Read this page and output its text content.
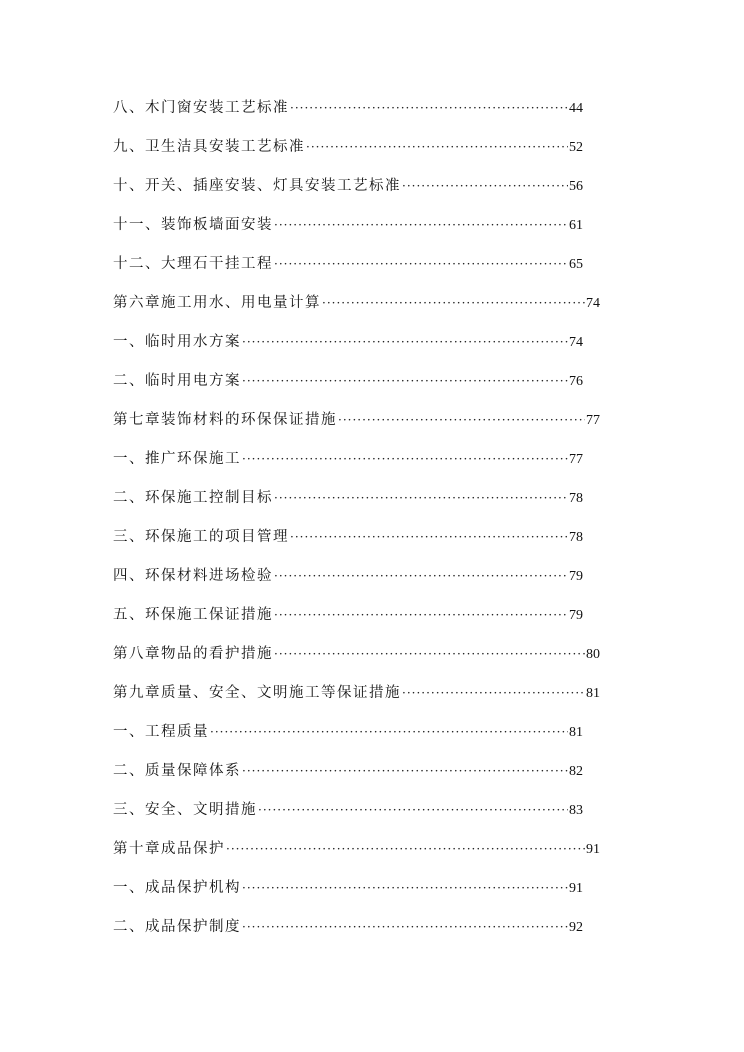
八、木门窗安装工艺标准 ·····	44
九、卫生洁具安装工艺标准 ·····	52
十、开关、插座安装、灯具安装工艺标准 ·····	56
十一、装饰板墙面安装 ·····	61
十二、大理石干挂工程 ·····	65
第六章施工用水、用电量计算 ·····	74
一、临时用水方案 ·····	74
二、临时用电方案 ·····	76
第七章装饰材料的环保保证措施 ·····	77
一、推广环保施工 ·····	77
二、环保施工控制目标 ·····	78
三、环保施工的项目管理 ·····	78
四、环保材料进场检验 ·····	79
五、环保施工保证措施 ·····	79
第八章物品的看护措施 ·····	80
第九章质量、安全、文明施工等保证措施 ·····	81
一、工程质量 ·····	81
二、质量保障体系 ·····	82
三、安全、文明措施 ·····	83
第十章成品保护 ·····	91
一、成品保护机构 ·····	91
二、成品保护制度 ·····	92
